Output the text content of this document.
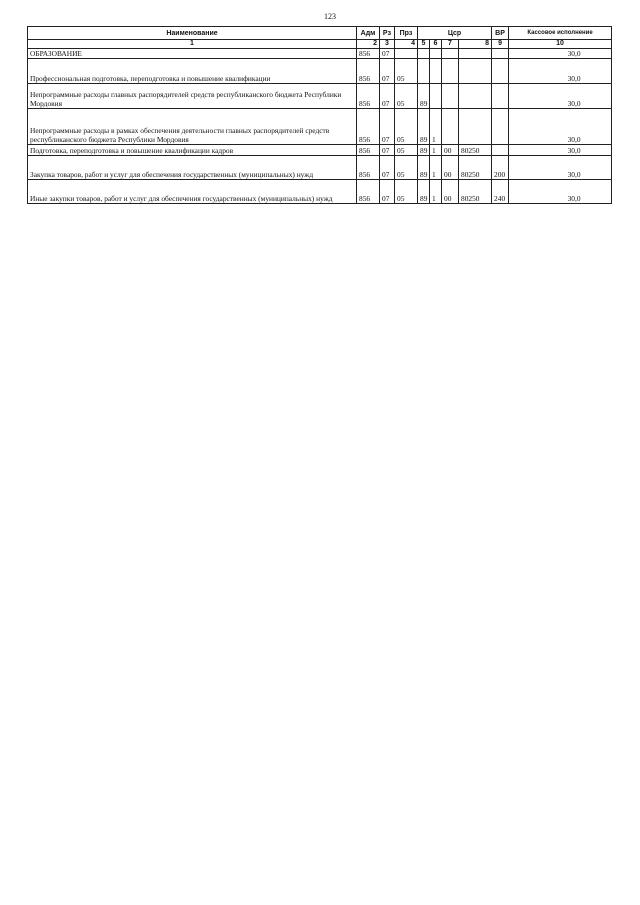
123
Наименование	Адм	Рз	Прз	Цср				ВР	Кассовое исполнение
1	2	3	4	5	6	7	8	9	10
ОБРАЗОВАНИЕ	856	07							30,0
Профессиональная подготовка, переподготовка и повышение квалификации	856	07	05						30,0
Непрограммные расходы главных распорядителей средств республиканского бюджета Республики Мордовия	856	07	05	89					30,0
Непрограммные расходы в рамках обеспечения деятельности главных распорядителей средств республиканского бюджета Республики Мордовия	856	07	05	89	1				30,0
Подготовка, переподготовка и повышение квалификации кадров	856	07	05	89	1	00	80250		30,0
Закупка товаров, работ и услуг для обеспечения государственных (муниципальных) нужд	856	07	05	89	1	00	80250	200	30,0
Иные закупки товаров, работ и услуг для обеспечения государственных (муниципальных) нужд	856	07	05	89	1	00	80250	240	30,0
